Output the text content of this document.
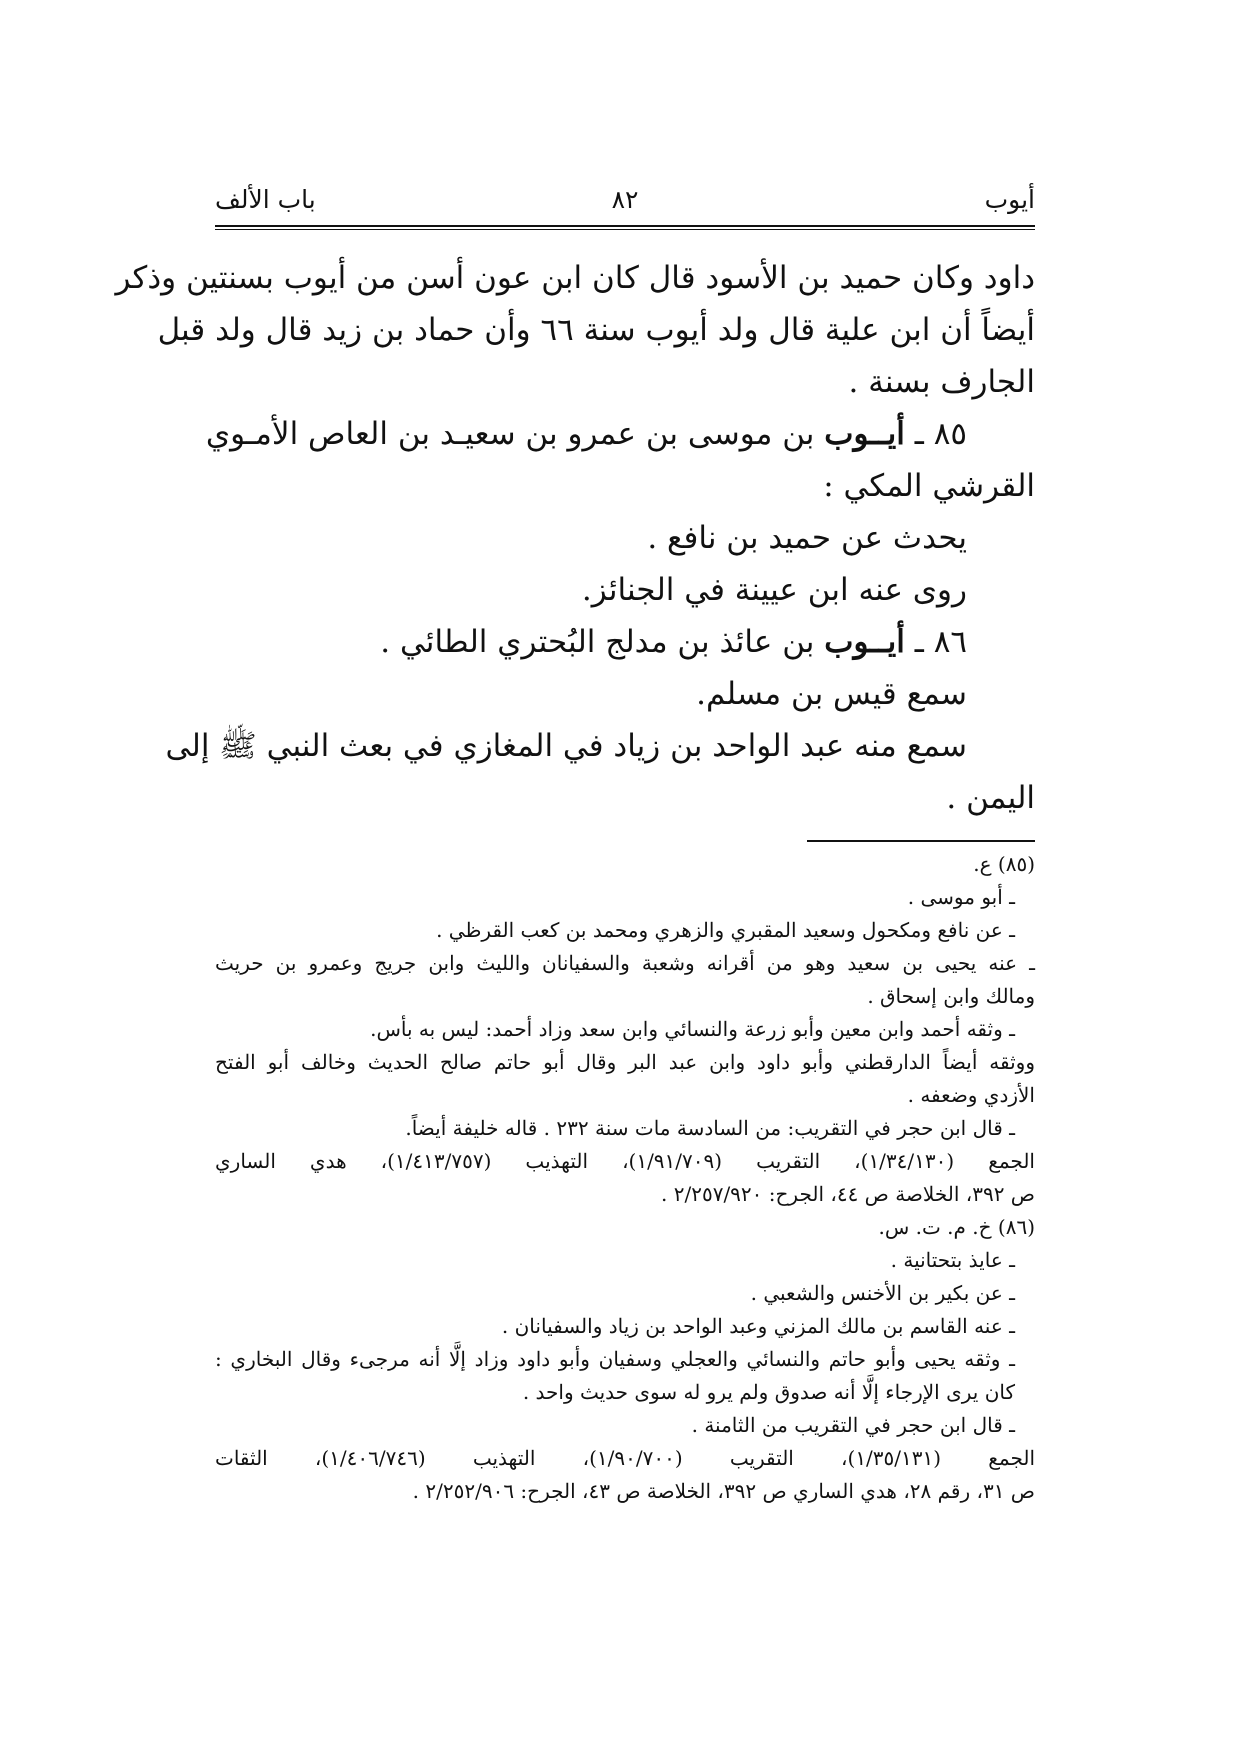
أيوب
٨٢
باب الألف
داود وكان حميد بن الأسود قال كان ابن عون أسن من أيوب بسنتين وذكر
أيضاً أن ابن علية قال ولد أيوب سنة ٦٦ وأن حماد بن زيد قال ولد قبل
الجارف بسنة .
٨٥ ـ أيــوب بن موسى بن عمرو بن سعيـد بن العاص الأمـوي
القرشي المكي :
يحدث عن حميد بن نافع .
روى عنه ابن عيينة في الجنائز.
٨٦ ـ أيــوب بن عائذ بن مدلج البُحتري الطائي .
سمع قيس بن مسلم.
سمع منه عبد الواحد بن زياد في المغازي في بعث النبي ﷺ إلى
اليمن .
(٨٥) ع.
ـ أبو موسى .
ـ عن نافع ومكحول وسعيد المقبري والزهري ومحمد بن كعب القرظي .
ـ عنه يحيى بن سعيد وهو من أقرانه وشعبة والسفيانان والليث وابن جريج وعمرو بن حريث
ومالك وابن إسحاق .
ـ وثقه أحمد وابن معين وأبو زرعة والنسائي وابن سعد وزاد أحمد: ليس به بأس.
ووثقه أيضاً الدارقطني وأبو داود وابن عبد البر وقال أبو حاتم صالح الحديث وخالف أبو الفتح
الأزدي وضعفه .
ـ قال ابن حجر في التقريب: من السادسة مات سنة ٢٣٢ . قاله خليفة أيضاً.
الجمع (١/٣٤/١٣٠)، التقريب (١/٩١/٧٠٩)، التهذيب (١/٤١٣/٧٥٧)، هدي الساري
ص ٣٩٢، الخلاصة ص ٤٤، الجرح: ٢/٢٥٧/٩٢٠ .
(٨٦) خ. م. ت. س.
ـ عايذ بتحتانية .
ـ عن بكير بن الأخنس والشعبي .
ـ عنه القاسم بن مالك المزني وعبد الواحد بن زياد والسفيانان .
ـ وثقه يحيى وأبو حاتم والنسائي والعجلي وسفيان وأبو داود وزاد إلَّا أنه مرجىء وقال البخاري :
كان يرى الإرجاء إلَّا أنه صدوق ولم يرو له سوى حديث واحد .
ـ قال ابن حجر في التقريب من الثامنة .
الجمع (١/٣٥/١٣١)، التقريب (١/٩٠/٧٠٠)، التهذيب (١/٤٠٦/٧٤٦)، الثقات
ص ٣١، رقم ٢٨، هدي الساري ص ٣٩٢، الخلاصة ص ٤٣، الجرح: ٢/٢٥٢/٩٠٦ .
